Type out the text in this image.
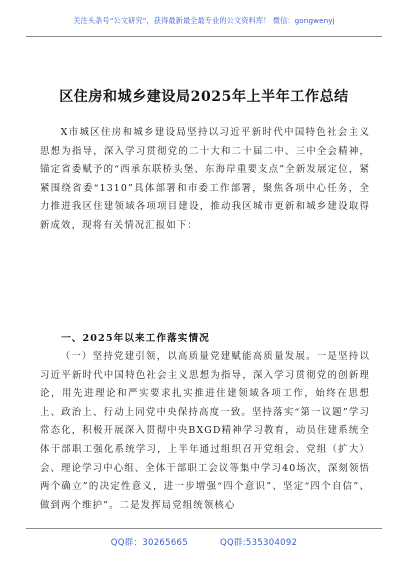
关注头条号“公文研究”，获得最新最全最专业的公文资料库！ 微信：gongwenyj
区住房和城乡建设局2025年上半年工作总结

X市城区住房和城乡建设局坚持以习近平新时代中国特色社会主义思想为指导，深入学习贯彻党的二十大和二十届二中、三中全会精神，锚定省委赋予的“西承东联桥头堡、东海岸重要支点”全新发展定位，紧紧围绕省委“1310”具体部署和市委工作部署，聚焦各项中心任务，全力推进我区住建领域各项项目建设，推动我区城市更新和城乡建设取得新成效，现将有关情况汇报如下：

一、2025年以来工作落实情况

（一）坚持党建引领，以高质量党建赋能高质量发展。一是坚持以习近平新时代中国特色社会主义思想为指导，深入学习贯彻党的创新理论，用先进理论和严实要求扎实推进住建领域各项工作，始终在思想上、政治上、行动上同党中央保持高度一致。坚持落实“第一议题”学习常态化，积极开展深入贯彻中央BXGD精神学习教育，动员住建系统全体干部职工强化系统学习，上半年通过组织召开党组会、党组（扩大）会、理论学习中心组、全体干部职工会议等集中学习40场次，深刻领悟两个确立”的决定性意义，进一步增强“四个意识”、坚定“四个自信”、做到两个维护”。二是发挥局党组统领核心

QQ群：30265665	QQ群:535304092
